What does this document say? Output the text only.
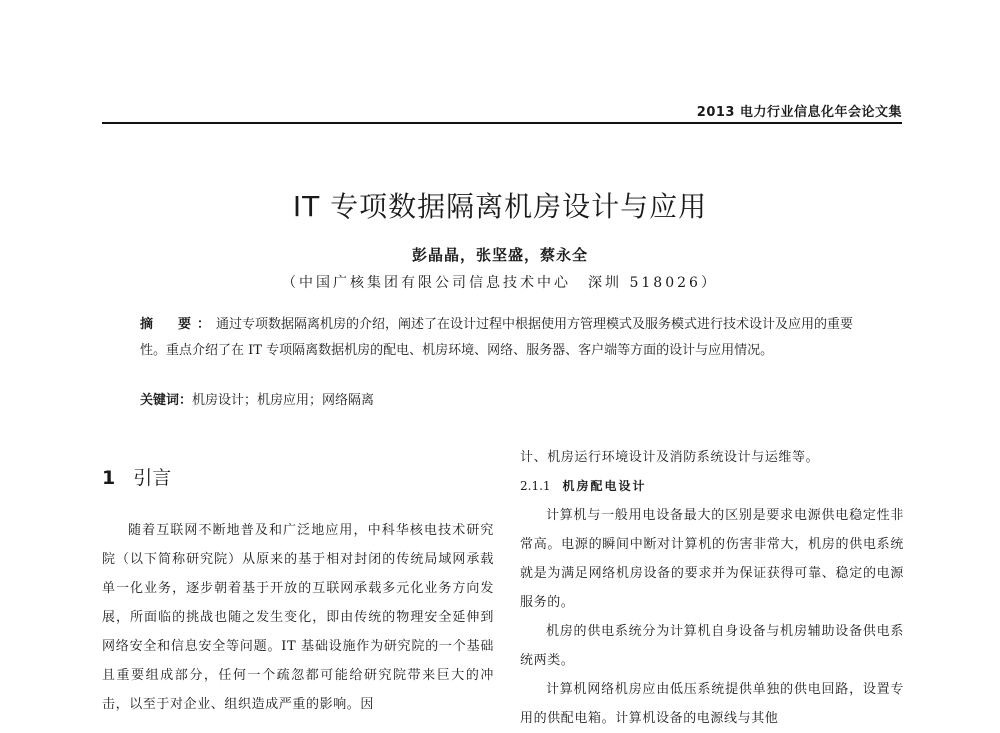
2013 电力行业信息化年会论文集
IT 专项数据隔离机房设计与应用
彭晶晶，张坚盛，蔡永全
（中国广核集团有限公司信息技术中心　深圳 518026）
摘　要：通过专项数据隔离机房的介绍，阐述了在设计过程中根据使用方管理模式及服务模式进行技术设计及应用的重要性。重点介绍了在 IT 专项隔离数据机房的配电、机房环境、网络、服务器、客户端等方面的设计与应用情况。
关键词：机房设计；机房应用；网络隔离
1 引言

随着互联网不断地普及和广泛地应用，中科华核电技术研究院（以下简称研究院）从原来的基于相对封闭的传统局域网承载单一化业务，逐步朝着基于开放的互联网承载多元化业务方向发展，所面临的挑战也随之发生变化，即由传统的物理安全延伸到网络安全和信息安全等问题。IT 基础设施作为研究院的一个基础且重要组成部分，任何一个疏忽都可能给研究院带来巨大的冲击，以至于对企业、组织造成严重的影响。因

计、机房运行环境设计及消防系统设计与运维等。

2.1.1 机房配电设计

计算机与一般用电设备最大的区别是要求电源供电稳定性非常高。电源的瞬间中断对计算机的伤害非常大，机房的供电系统就是为满足网络机房设备的要求并为保证获得可靠、稳定的电源服务的。

机房的供电系统分为计算机自身设备与机房辅助设备供电系统两类。

计算机网络机房应由低压系统提供单独的供电回路，设置专用的供配电箱。计算机设备的电源线与其他
